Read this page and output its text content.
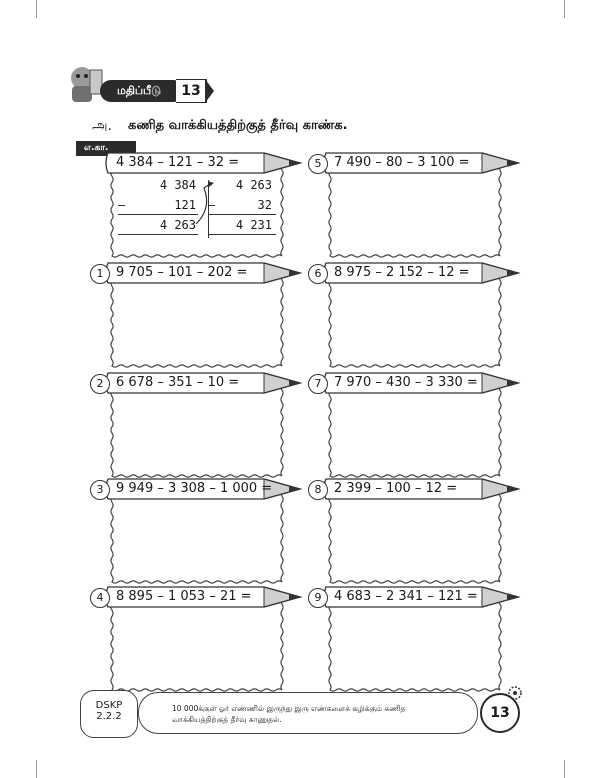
மதிப்பீடு	13
அ. கணித வாக்கியத்திற்குத் தீர்வு காண்க.
எ.கா.
4 384 – 121 – 32 =
4 384
–	121
4 263
4 263
–	32
4 231
1 9 705 – 101 – 202 =
2 6 678 – 351 – 10 =
3 9 949 – 3 308 – 1 000 =
4 8 895 – 1 053 – 21 =
5 7 490 – 80 – 3 100 =
6 8 975 – 2 152 – 12 =
7 7 970 – 430 – 3 330 =
8 2 399 – 100 – 12 =
9 4 683 – 2 341 – 121 =
DSKP
2.2.2
10 000க்குள் ஓர் எண்ணில் இருந்து இரு எண்களைக் கழிக்கும் கணித வாக்கியத்திற்குத் தீர்வு காணுதல்.	13
